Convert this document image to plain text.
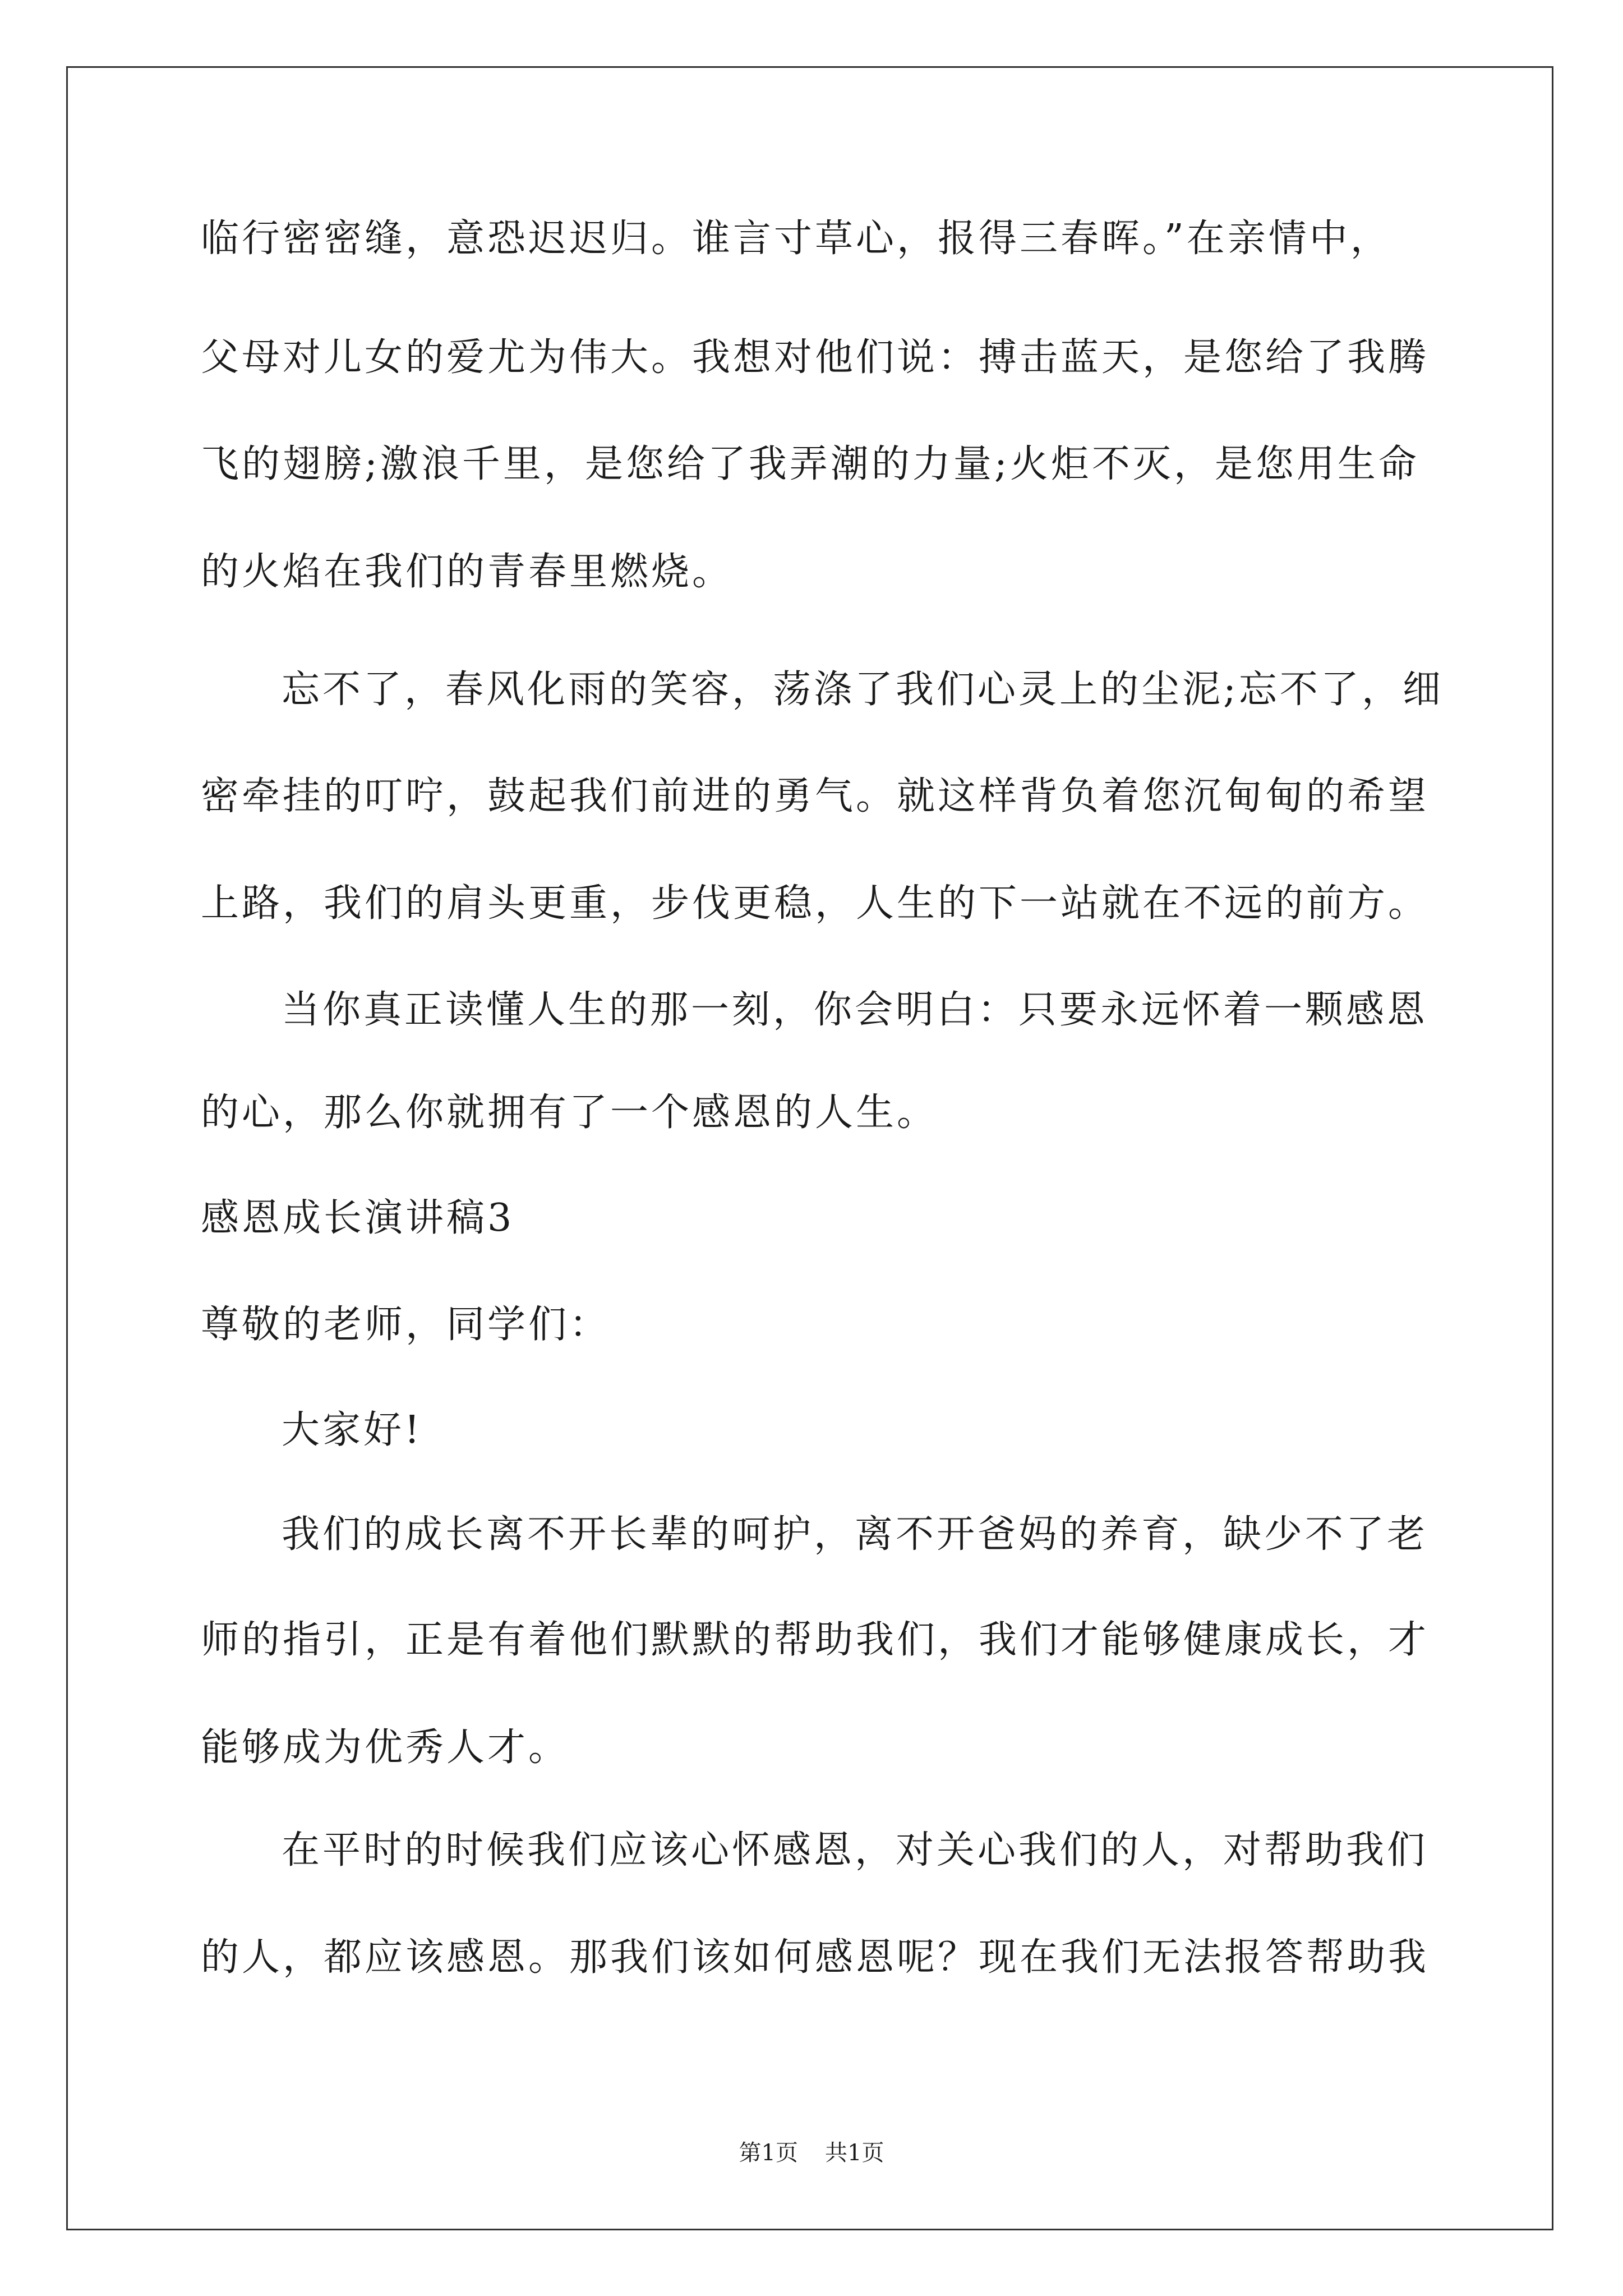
临行密密缝，意恐迟迟归。谁言寸草心，报得三春晖。”在亲情中，
父母对儿女的爱尤为伟大。我想对他们说：搏击蓝天，是您给了我腾
飞的翅膀;激浪千里，是您给了我弄潮的力量;火炬不灭，是您用生命
的火焰在我们的青春里燃烧。
忘不了，春风化雨的笑容，荡涤了我们心灵上的尘泥;忘不了，细
密牵挂的叮咛，鼓起我们前进的勇气。就这样背负着您沉甸甸的希望
上路，我们的肩头更重，步伐更稳，人生的下一站就在不远的前方。
当你真正读懂人生的那一刻，你会明白：只要永远怀着一颗感恩
的心，那么你就拥有了一个感恩的人生。
感恩成长演讲稿3
尊敬的老师，同学们：
大家好!
我们的成长离不开长辈的呵护，离不开爸妈的养育，缺少不了老
师的指引，正是有着他们默默的帮助我们，我们才能够健康成长，才
能够成为优秀人才。
在平时的时候我们应该心怀感恩，对关心我们的人，对帮助我们
的人，都应该感恩。那我们该如何感恩呢？现在我们无法报答帮助我
第1页 共1页
